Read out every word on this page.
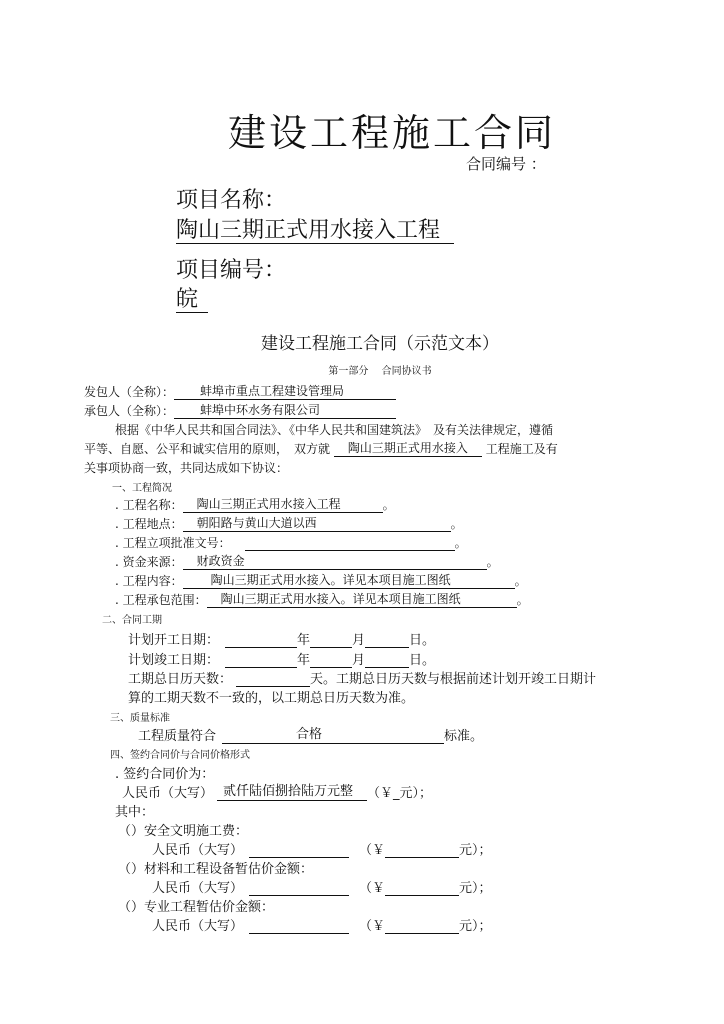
建设工程施工合同
合同编号 ：
项目名称：
陶山三期正式用水接入工程
项目编号：
皖
建设工程施工合同（示范文本）
第一部分　 合同协议书
发包人（全称）： 蚌埠市重点工程建设管理局
承包人（全称）： 蚌埠中环水务有限公司
根据《中华人民共和国合同法》、《中华人民共和国建筑法》　及有关法律规定，遵循
平等、自愿、公平和诚实信用的原则，　双方就 陶山三期正式用水接入 工程施工及有
关事项协商一致，共同达成如下协议：
一、工程简况
. 工程名称： 陶山三期正式用水接入工程	。
. 工程地点： 朝阳路与黄山大道以西	。
. 工程立项批准文号：	。
. 资金来源： 财政资金	。
. 工程内容： 陶山三期正式用水接入。详见本项目施工图纸	。
. 工程承包范围： 陶山三期正式用水接入。详见本项目施工图纸	。
二、合同工期
计划开工日期：	年	月	日。
计划竣工日期：	年	月	日。
工期总日历天数：	天。工期总日历天数与根据前述计划开竣工日期计
算的工期天数不一致的，以工期总日历天数为准。
三、质量标准
工程质量符合	合格	标准。
四、签约合同价与合同价格形式
. 签约合同价为：
人民币（大写） 贰仟陆佰捌拾陆万元整 （￥_元）；
其中：
（）安全文明施工费：
人民币（大写）	（￥	元）；
（）材料和工程设备暂估价金额：
人民币（大写）	（￥	元）；
（）专业工程暂估价金额：
人民币（大写）	（￥	元）；
